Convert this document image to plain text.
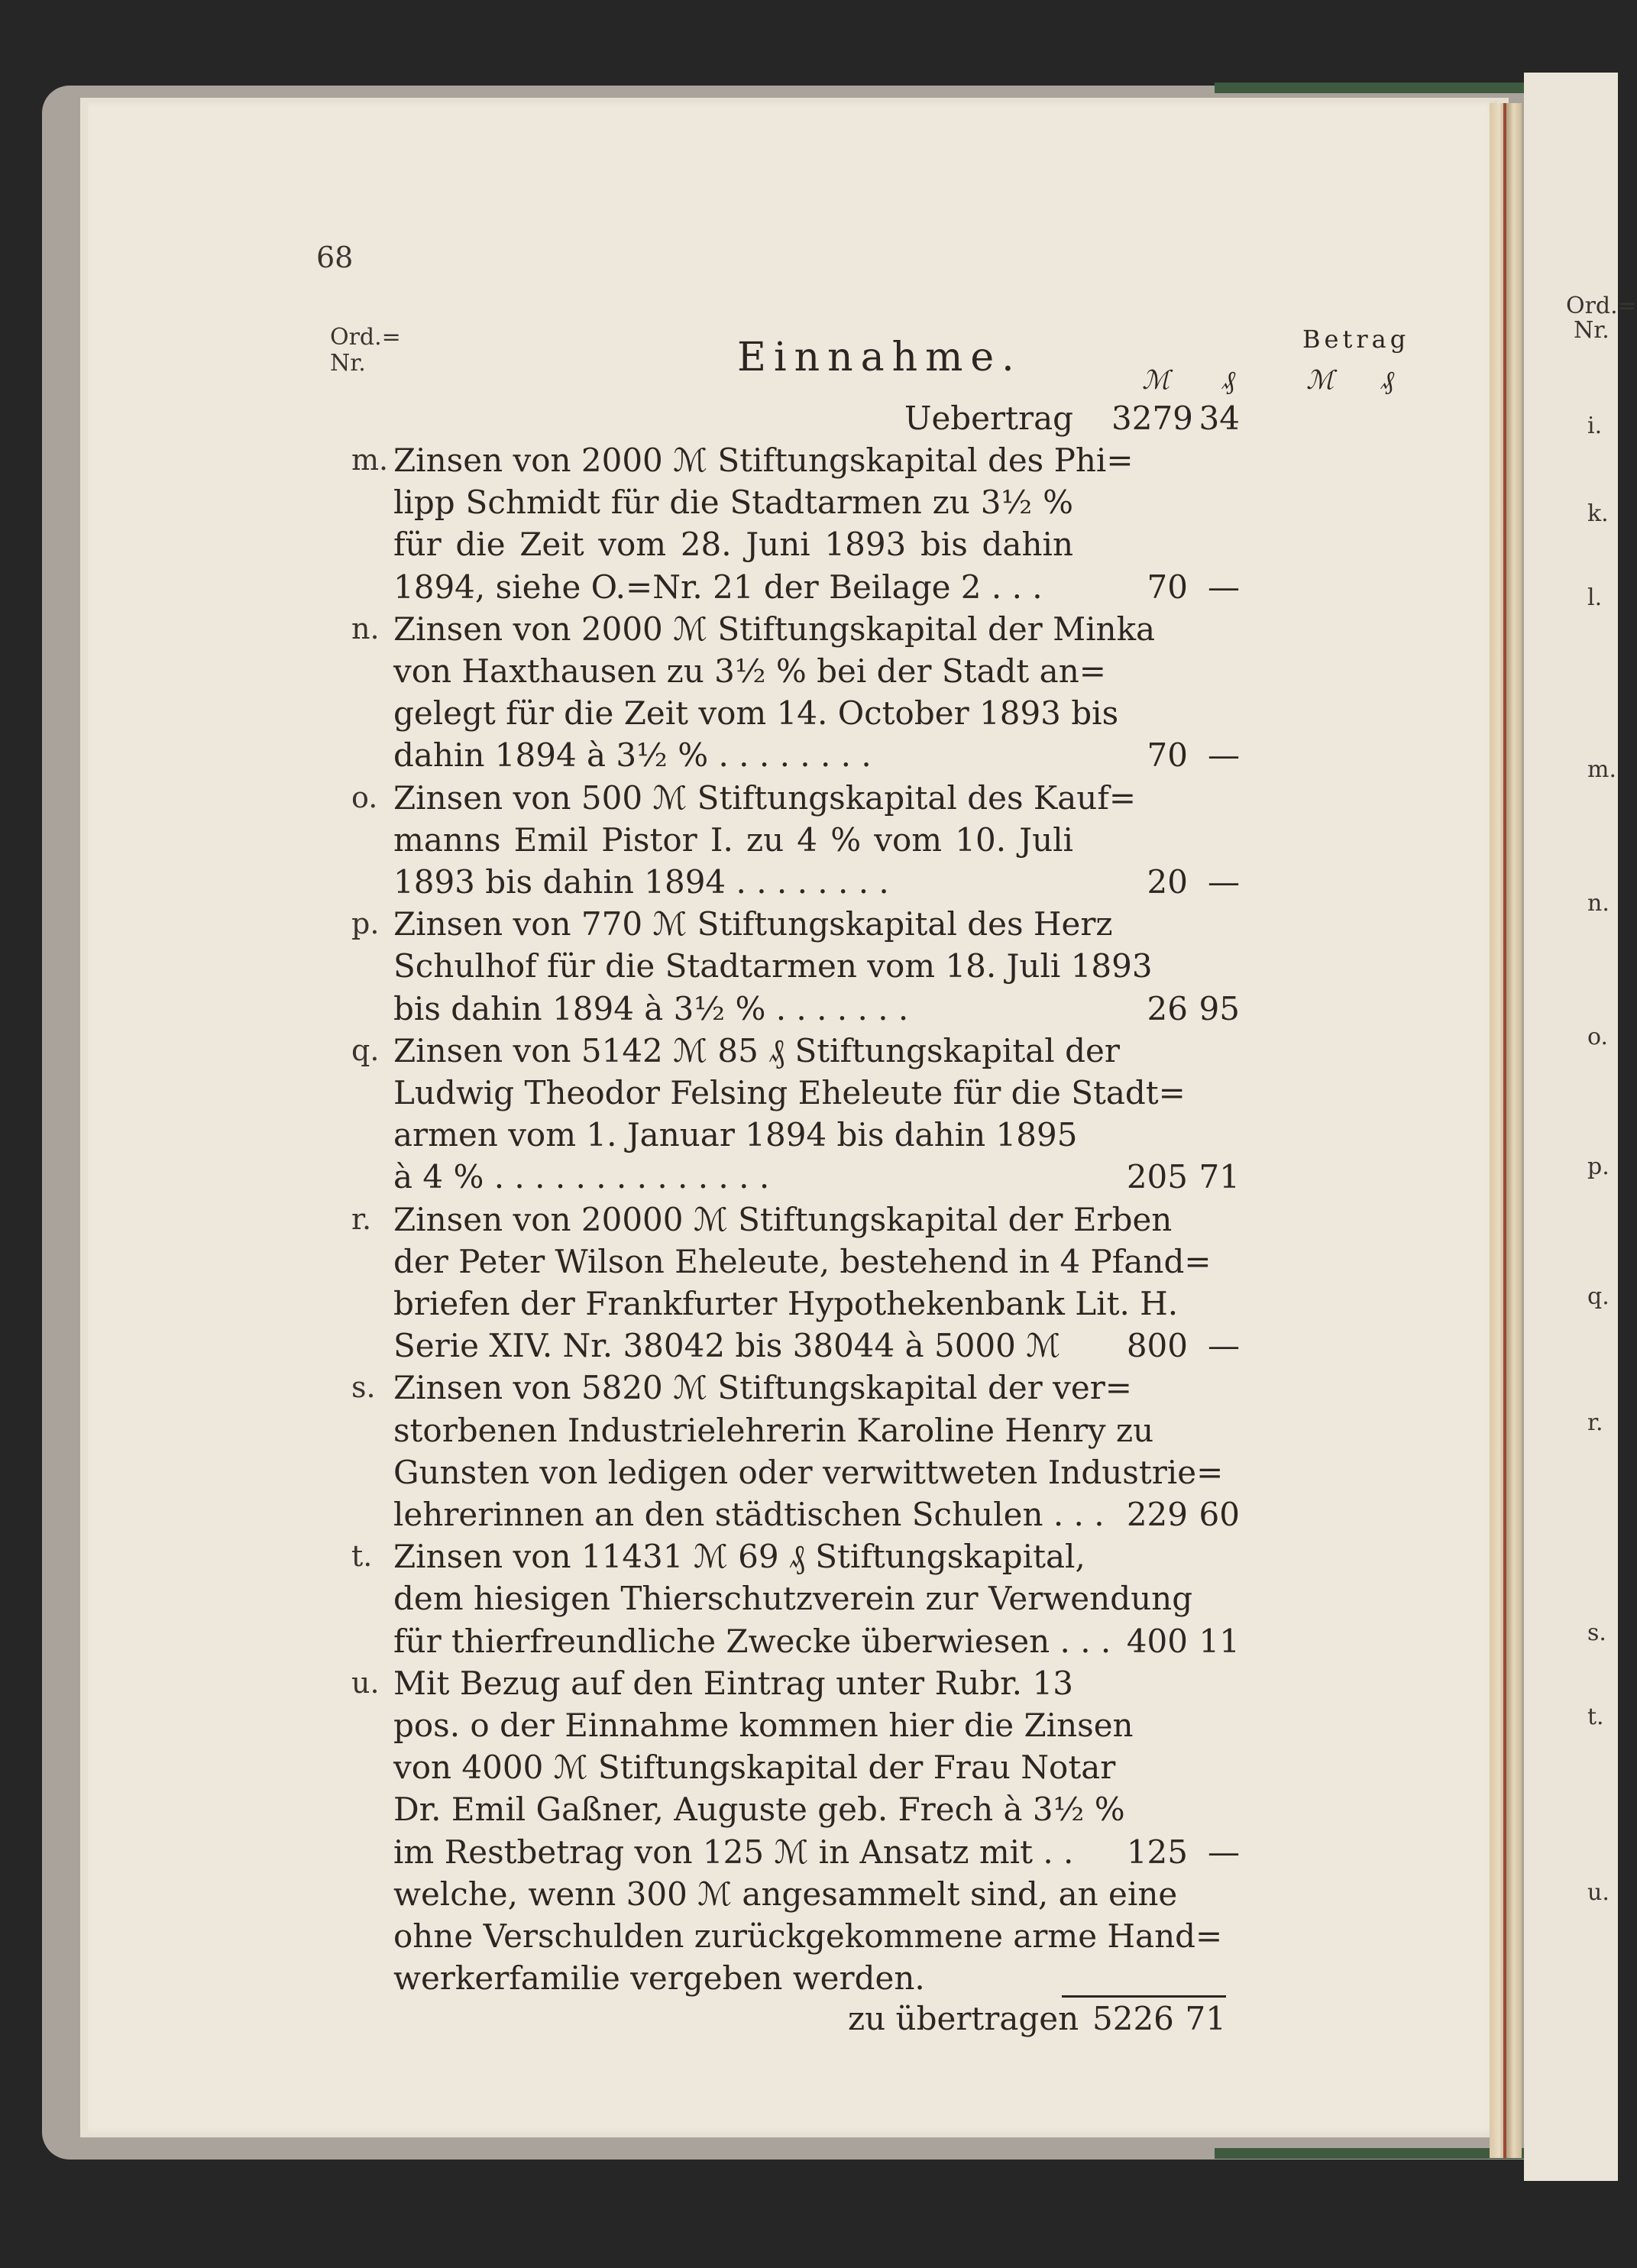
68
Ord.=
Nr.	Einnahme.	Betrag
ℳ ₰	ℳ ₰
Uebertrag 3279 34
m. Zinsen von 2000 ℳ Stiftungskapital des Phi=
lipp Schmidt für die Stadtarmen zu 3½ %
für die Zeit vom 28. Juni 1893 bis dahin
1894, siehe O.=Nr. 21 der Beilage 2 . . .	70 —
n. Zinsen von 2000 ℳ Stiftungskapital der Minka
von Haxthausen zu 3½ % bei der Stadt an=
gelegt für die Zeit vom 14. October 1893 bis
dahin 1894 à 3½ % . . . . . . . .	70 —
o. Zinsen von 500 ℳ Stiftungskapital des Kauf=
manns Emil Pistor I. zu 4 % vom 10. Juli
1893 bis dahin 1894 . . . . . . . .	20 —
p. Zinsen von 770 ℳ Stiftungskapital des Herz
Schulhof für die Stadtarmen vom 18. Juli 1893
bis dahin 1894 à 3½ % . . . . . . .	26 95
q. Zinsen von 5142 ℳ 85 ₰ Stiftungskapital der
Ludwig Theodor Felsing Eheleute für die Stadt=
armen vom 1. Januar 1894 bis dahin 1895
à 4 % . . . . . . . . . . . . . .	205 71
r. Zinsen von 20000 ℳ Stiftungskapital der Erben
der Peter Wilson Eheleute, bestehend in 4 Pfand=
briefen der Frankfurter Hypothekenbank Lit. H.
Serie XIV. Nr. 38042 bis 38044 à 5000 ℳ	800 —
s. Zinsen von 5820 ℳ Stiftungskapital der ver=
storbenen Industrielehrerin Karoline Henry zu
Gunsten von ledigen oder verwittweten Industrie=
lehrerinnen an den städtischen Schulen . . . 229 60
t. Zinsen von 11431 ℳ 69 ₰ Stiftungskapital,
dem hiesigen Thierschutzverein zur Verwendung
für thierfreundliche Zwecke überwiesen . . . 400 11
u. Mit Bezug auf den Eintrag unter Rubr. 13
pos. o der Einnahme kommen hier die Zinsen
von 4000 ℳ Stiftungskapital der Frau Notar
Dr. Emil Gaßner, Auguste geb. Frech à 3½ %
im Restbetrag von 125 ℳ in Ansatz mit . .
welche, wenn 300 ℳ angesammelt sind, an eine
ohne Verschulden zurückgekommene arme Hand=
werkerfamilie vergeben werden.
125 —
zu übertragen 5226 71
Ord.=
Nr.
i.
k.
l.
m.
n.
o.
p.
q.
r.
s.
t.
u.
